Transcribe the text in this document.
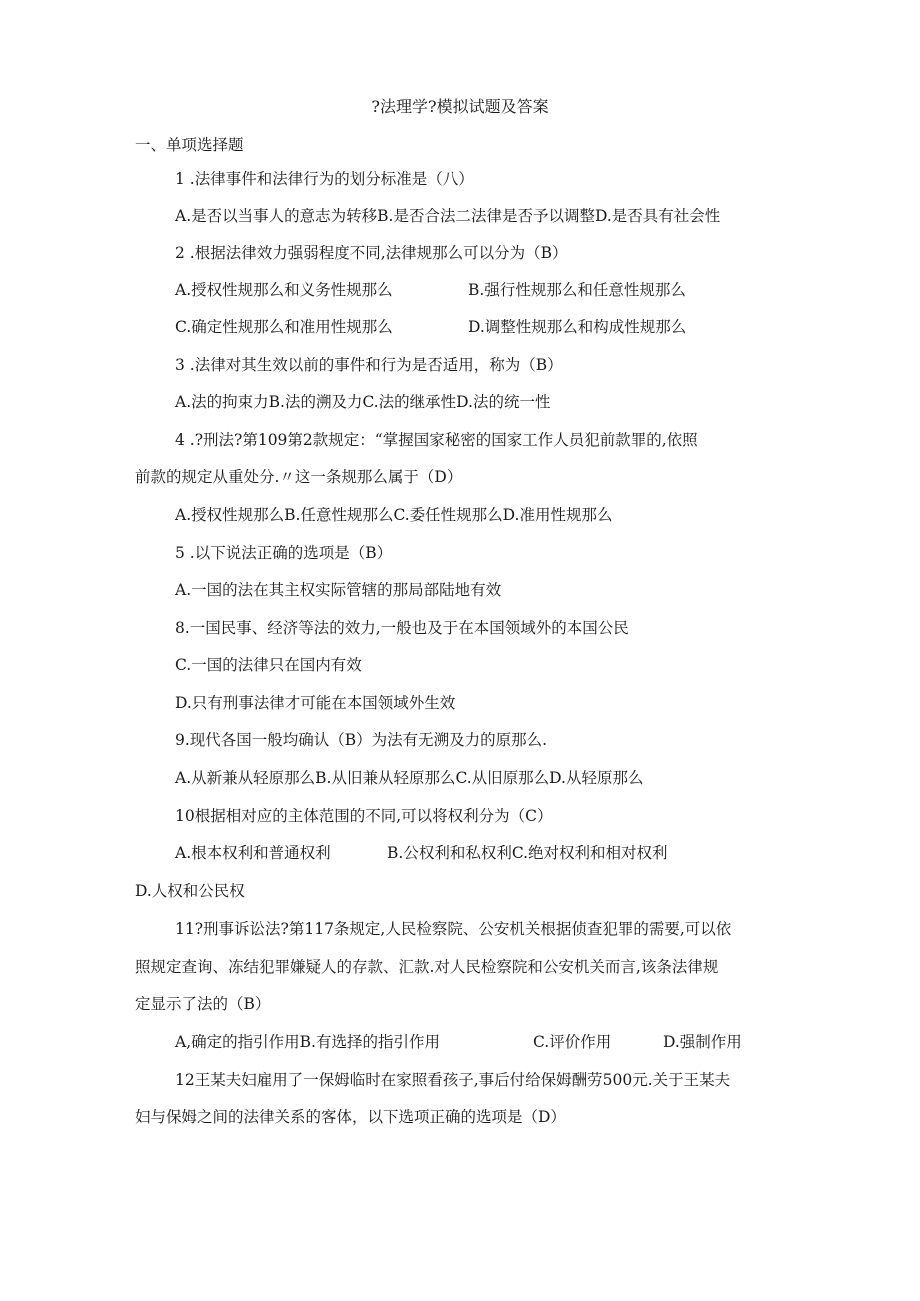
?法理学?模拟试题及答案
一、单项选择题
1 .法律事件和法律行为的划分标准是（八）
A.是否以当事人的意志为转移B.是否合法二法律是否予以调整D.是否具有社会性
2 .根据法律效力强弱程度不同,法律规那么可以分为（B）
A.授权性规那么和义务性规那么	B.强行性规那么和任意性规那么
C.确定性规那么和准用性规那么	D.调整性规那么和构成性规那么
3 .法律对其生效以前的事件和行为是否适用，称为（B）
A.法的拘束力B.法的溯及力C.法的继承性D.法的统一性
4 .?刑法?第109第2款规定：“掌握国家秘密的国家工作人员犯前款罪的,依照
前款的规定从重处分.〃这一条规那么属于（D）
A.授权性规那么B.任意性规那么C.委任性规那么D.准用性规那么
5 .以下说法正确的选项是（B）
A.一国的法在其主权实际管辖的那局部陆地有效
8.一国民事、经济等法的效力,一般也及于在本国领域外的本国公民
C.一国的法律只在国内有效
D.只有刑事法律才可能在本国领域外生效
9.现代各国一般均确认（B）为法有无溯及力的原那么.
A.从新兼从轻原那么B.从旧兼从轻原那么C.从旧原那么D.从轻原那么
10根据相对应的主体范围的不同,可以将权利分为（C）
A.根本权利和普通权利	B.公权利和私权利C.绝对权利和相对权利
D.人权和公民权
11?刑事诉讼法?第117条规定,人民检察院、公安机关根据侦查犯罪的需要,可以依
照规定查询、冻结犯罪嫌疑人的存款、汇款.对人民检察院和公安机关而言,该条法律规
定显示了法的（B）
Α,确定的指引作用B.有选择的指引作用	C.评价作用	D.强制作用
12王某夫妇雇用了一保姆临时在家照看孩子,事后付给保姆酬劳500元.关于王某夫
妇与保姆之间的法律关系的客体，以下选项正确的选项是（D）
